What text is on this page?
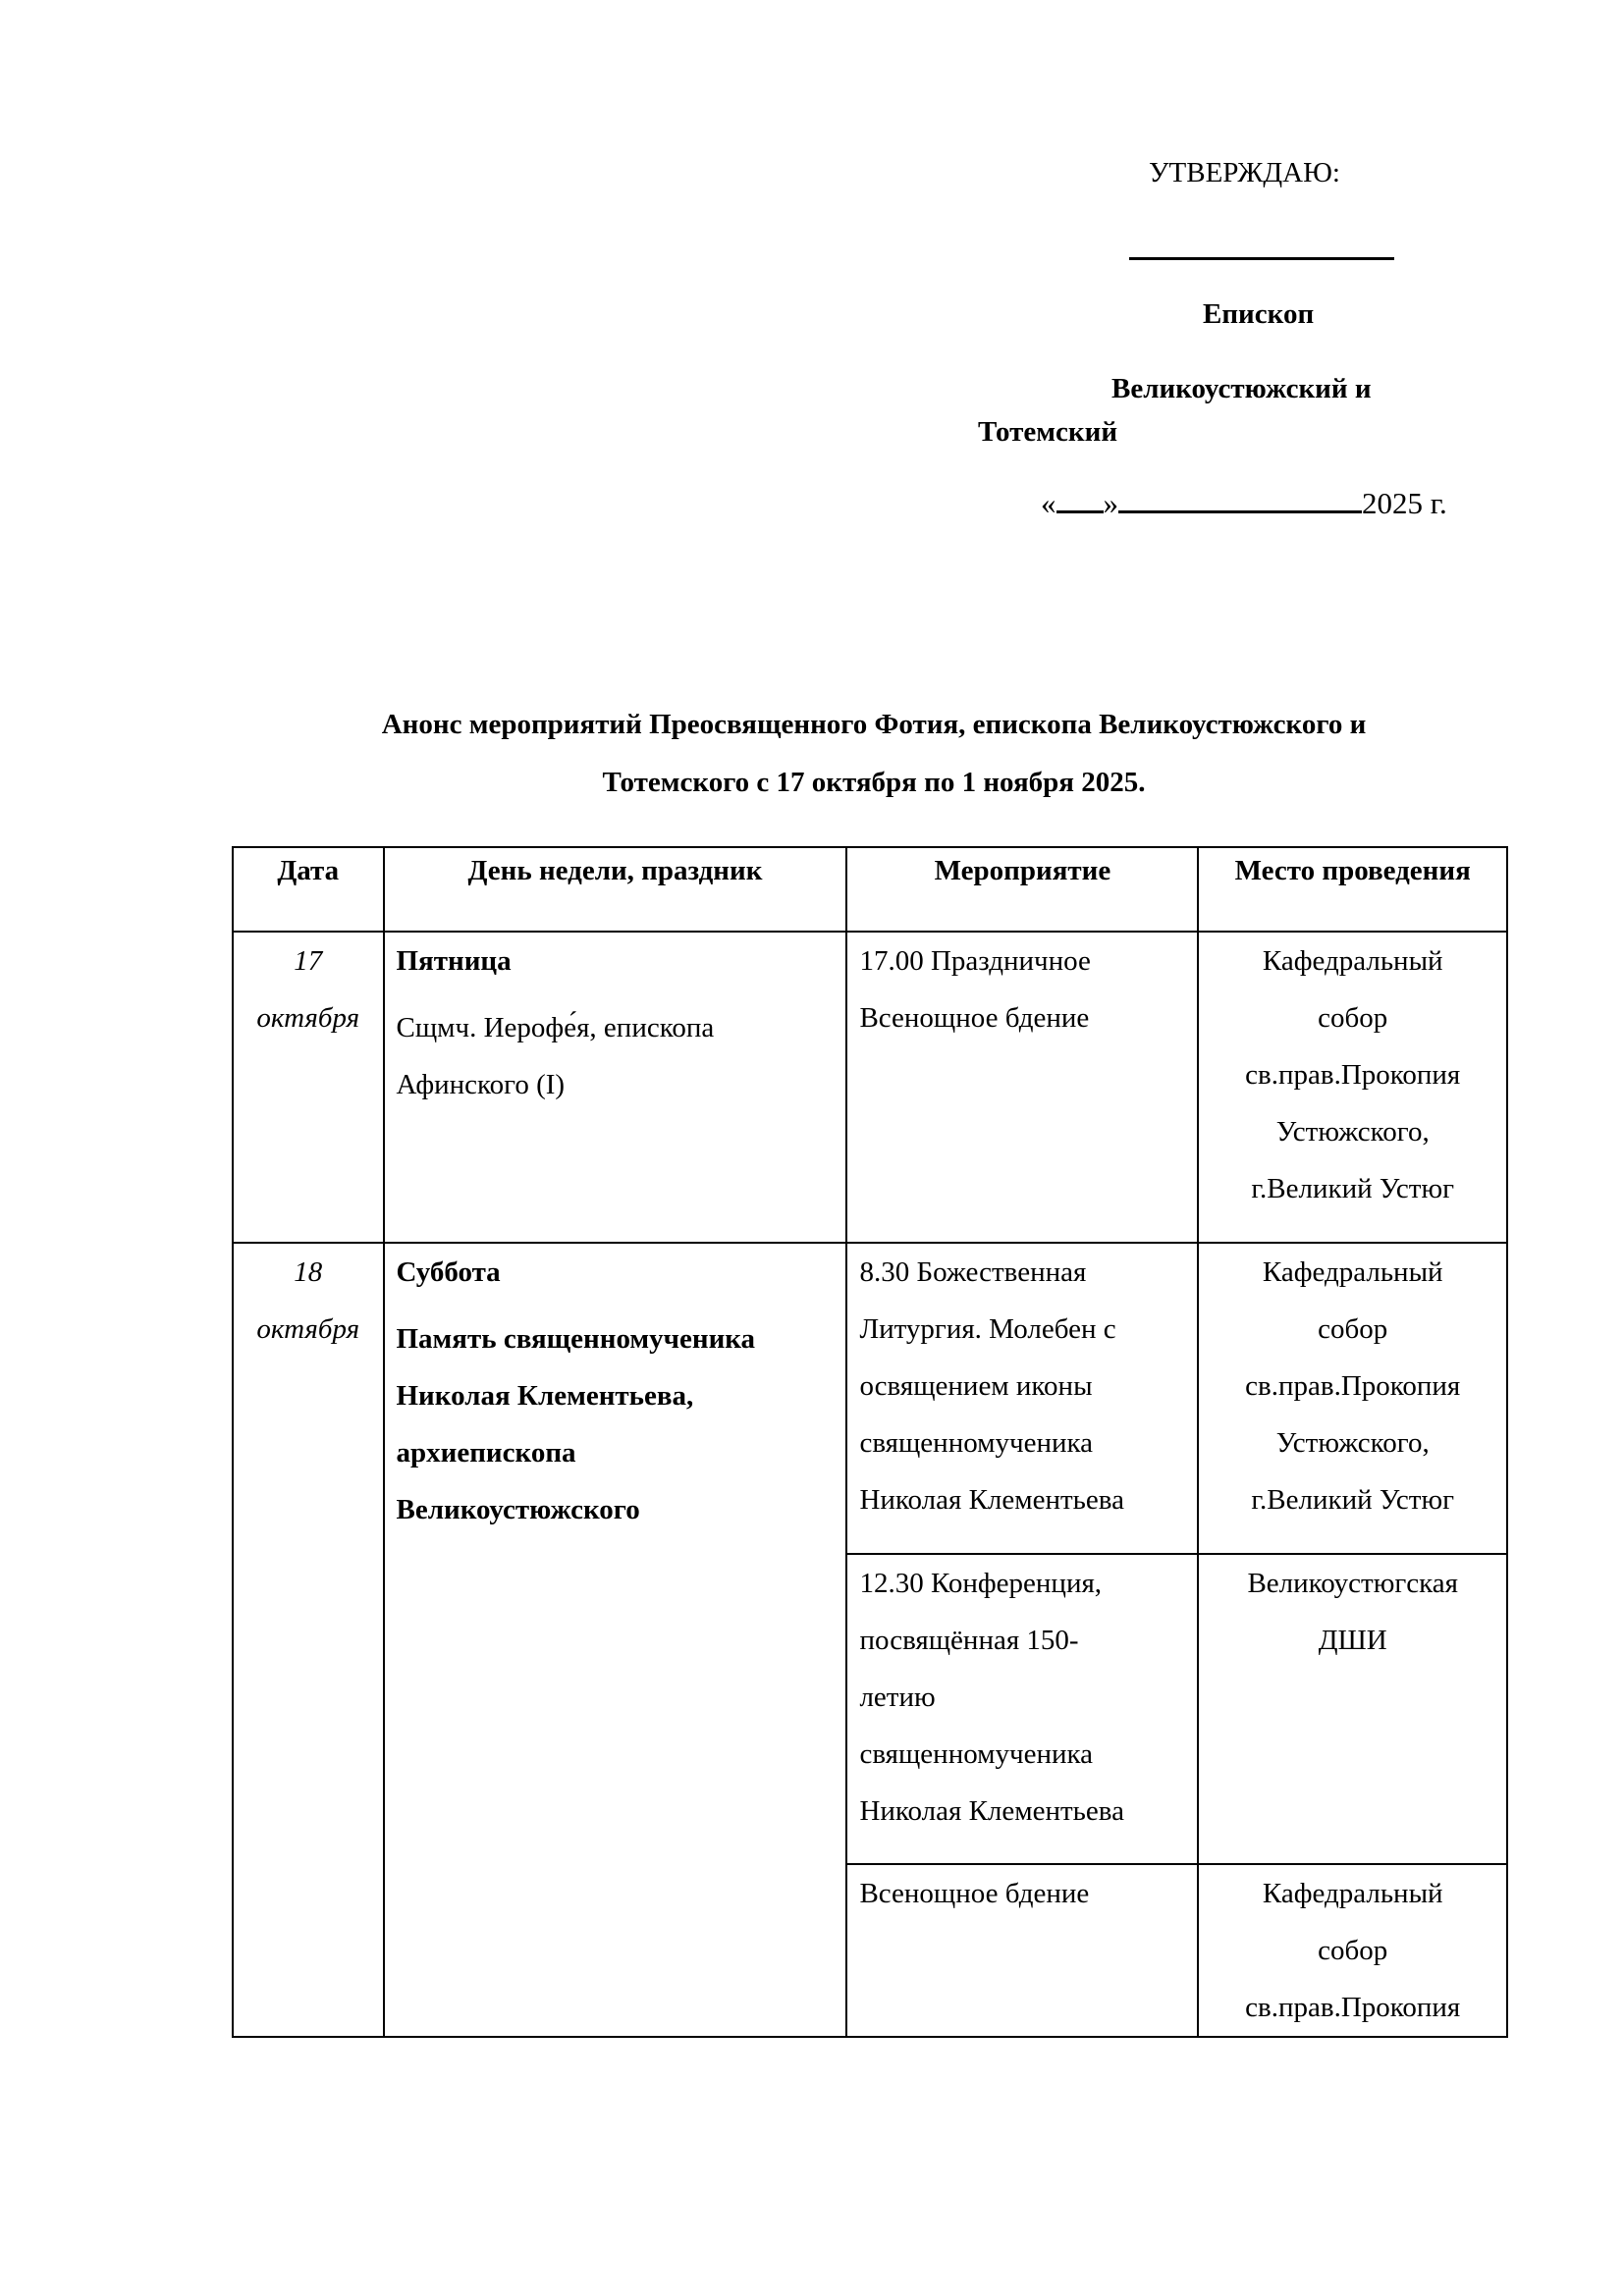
УТВЕРЖДАЮ:
Епископ
Великоустюжский и
Тотемский
« »	2025 г.
Анонс мероприятий Преосвященного Фотия, епископа Великоустюжского и
Тотемского с 17 октября по 1 ноября 2025.
Дата	День недели, праздник	Мероприятие	Место проведения

17
октября	Пятница
Сщмч. Иерофе́я, епископа
Афинского (I)	17.00 Праздничное
Всенощное бдение	Кафедральный
собор
св.прав.Прокопия
Устюжского,
г.Великий Устюг

18
октября	Суббота
Память священномученика
Николая Клементьева,
архиепископа
Великоустюжского	8.30 Божественная
Литургия. Молебен с
освящением иконы
священномученика
Николая Клементьева	Кафедральный
собор
св.прав.Прокопия
Устюжского,
г.Великий Устюг

		12.30 Конференция,
посвящённая 150-
летию
священномученика
Николая Клементьева	Великоустюгская
ДШИ

		Всенощное бдение	Кафедральный
собор
св.прав.Прокопия
